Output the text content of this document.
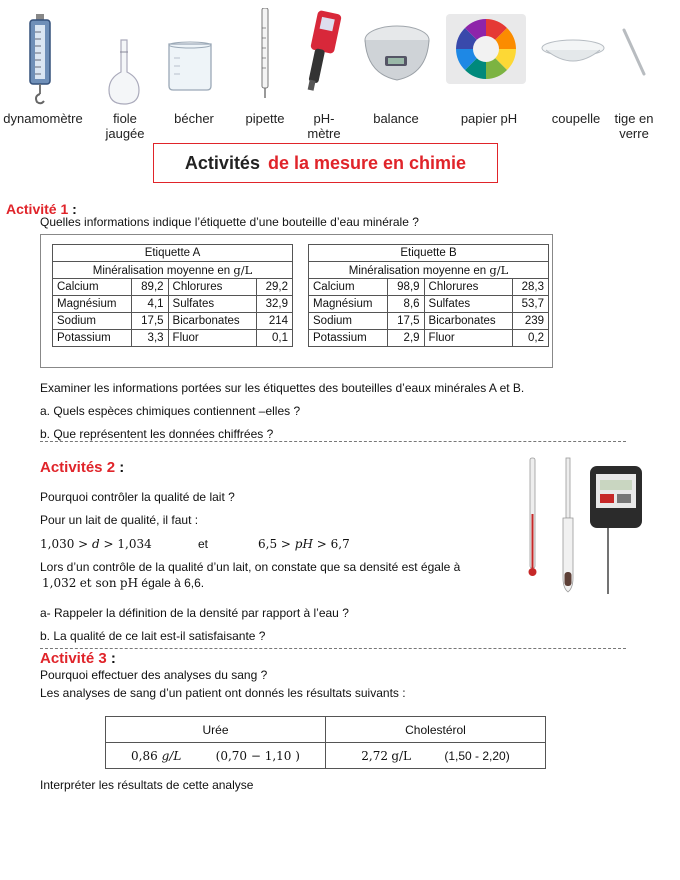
dynamomètre	fiole jaugée
bécher	pipette	pH-mètre
balance	papier pH	coupelle	tige en verre
Activités de la mesure en chimie
Activité 1 :
Quelles informations indique l’étiquette d’une bouteille d’eau minérale ?
Etiquette A			
Minéralisation moyenne en g/L			
Calcium	89,2	Chlorures	29,2
Magnésium	4,1	Sulfates	32,9
Sodium	17,5	Bicarbonates	214
Potassium	3,3	Fluor	0,1
Etiquette B			
Minéralisation moyenne en g/L			
Calcium	98,9	Chlorures	28,3
Magnésium	8,6	Sulfates	53,7
Sodium	17,5	Bicarbonates	239
Potassium	2,9	Fluor	0,2
Examiner les informations portées sur les étiquettes des bouteilles d’eaux minérales A et B.
a. Quels espèces chimiques contiennent –elles ?
b. Que représentent les données chiffrées ?
Activités 2 :
Pourquoi contrôler la qualité de lait ?
Pour un lait de qualité, il faut :
1,030 > d > 1,034	et	6,5 > pH > 6,7
Lors d’un contrôle de la qualité d’un lait, on constate que sa densité est égale à
1,032 et son pH égale à 6,6.
a- Rappeler la définition de la densité par rapport à l’eau ?
b. La qualité de ce lait est-il satisfaisante ?
Activité 3 :
Pourquoi effectuer des analyses du sang ?
Les analyses de sang d’un patient ont donnés les résultats suivants :
Urée	Cholestérol
0,86 g/L (0,70 − 1,10 )	2,72 g/L (1,50 - 2,20)
Interpréter les résultats de cette analyse
